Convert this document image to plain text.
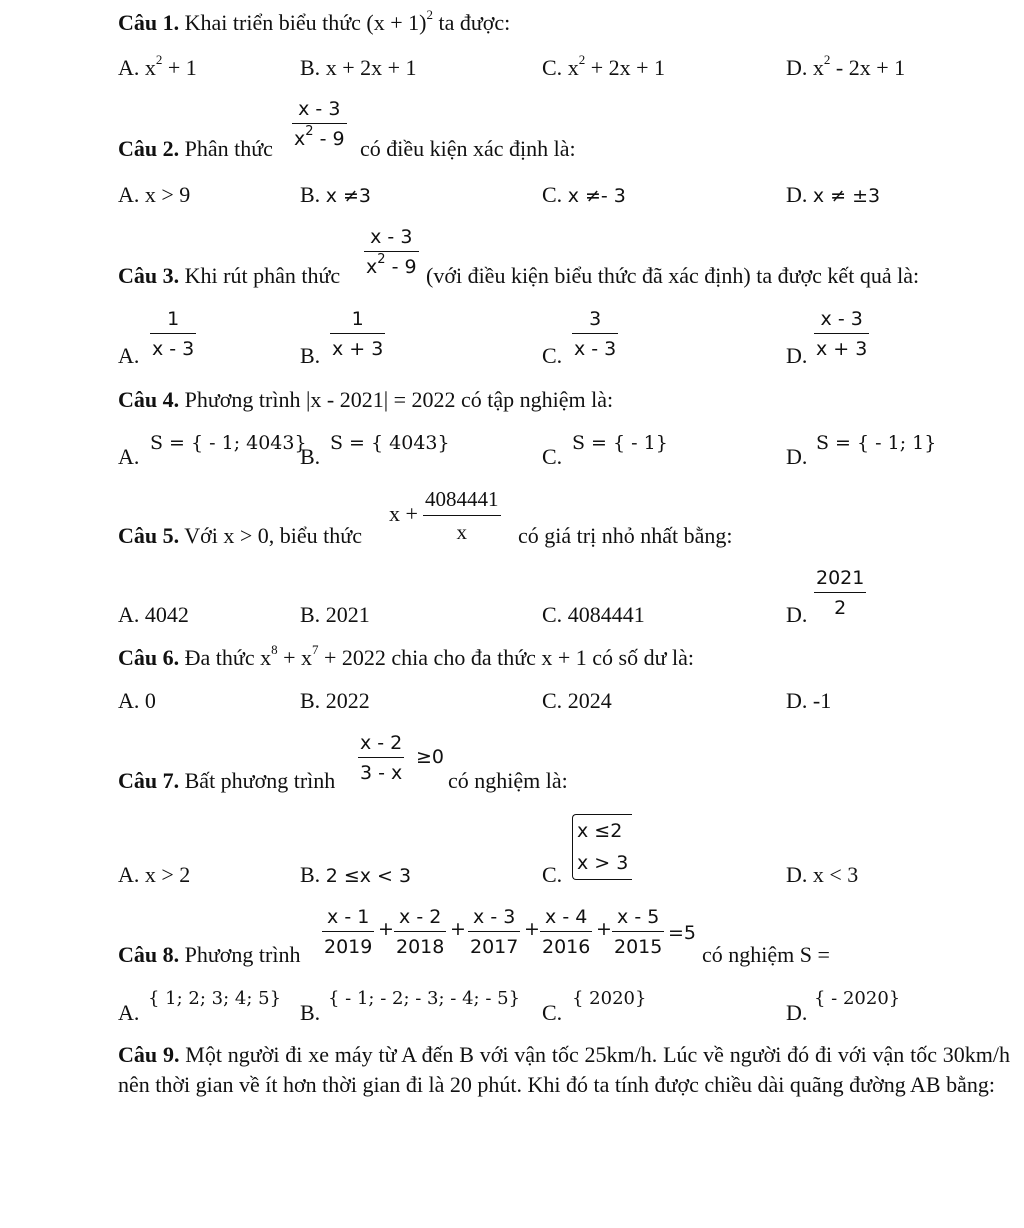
Câu 1. Khai triển biểu thức $(x + 1)^2$ ta được:
A. $x^2 + 1$	B. x + 2x + 1	C. $x^2 + 2x + 1$	D. $x^2 - 2x + 1$
Câu 2. Phân thức
x - 3
$x^2 - 9$ có điều kiện xác định là:
A. x > 9	B. x ≠3	C. x ≠- 3	D. x ≠ ±3
Câu 3. Khi rút phân thức
x - 3
$x^2 - 9$ (với điều kiện biểu thức đã xác định) ta được kết quả là:
A.
1
x - 3	B.
1
x + 3	C.
3
x - 3	D.
x - 3
x + 3
Câu 4. Phương trình |x - 2021| = 2022 có tập nghiệm là:
A.
S = { - 1; 4043}
B.
S = { 4043}
C.
S = { - 1}
D.
S = { - 1; 1}
Câu 5. Với x > 0, biểu thức
x +
4084441
x	có giá trị nhỏ nhất bằng:
A. 4042	B. 2021	C. 4084441	D.
2021
2
Câu 6. Đa thức $x^8 + x^7 + 2022$ chia cho đa thức x + 1 có số dư là:
A. 0	B. 2022	C. 2024	D. -1
Câu 7. Bất phương trình
x - 2
3 - x
≥0
có nghiệm là:
A. x > 2	B. 2 ≤x < 3	C.
x ≤2
x > 3	D. x < 3
Câu 8. Phương trình
x - 1
2019
+
x - 2
2018
+
x - 3
2017
+
x - 4
2016
+
x - 5
2015
=5
có nghiệm S =
A.
{ 1; 2; 3; 4; 5}
B.
{ - 1; - 2; - 3; - 4; - 5}
C.
{ 2020}
D.
{ - 2020}
Câu 9. Một người đi xe máy từ A đến B với vận tốc 25km/h. Lúc về người đó đi với vận tốc 30km/h nên thời gian về ít hơn thời gian đi là 20 phút. Khi đó ta tính được chiều dài quãng đường AB bằng:
